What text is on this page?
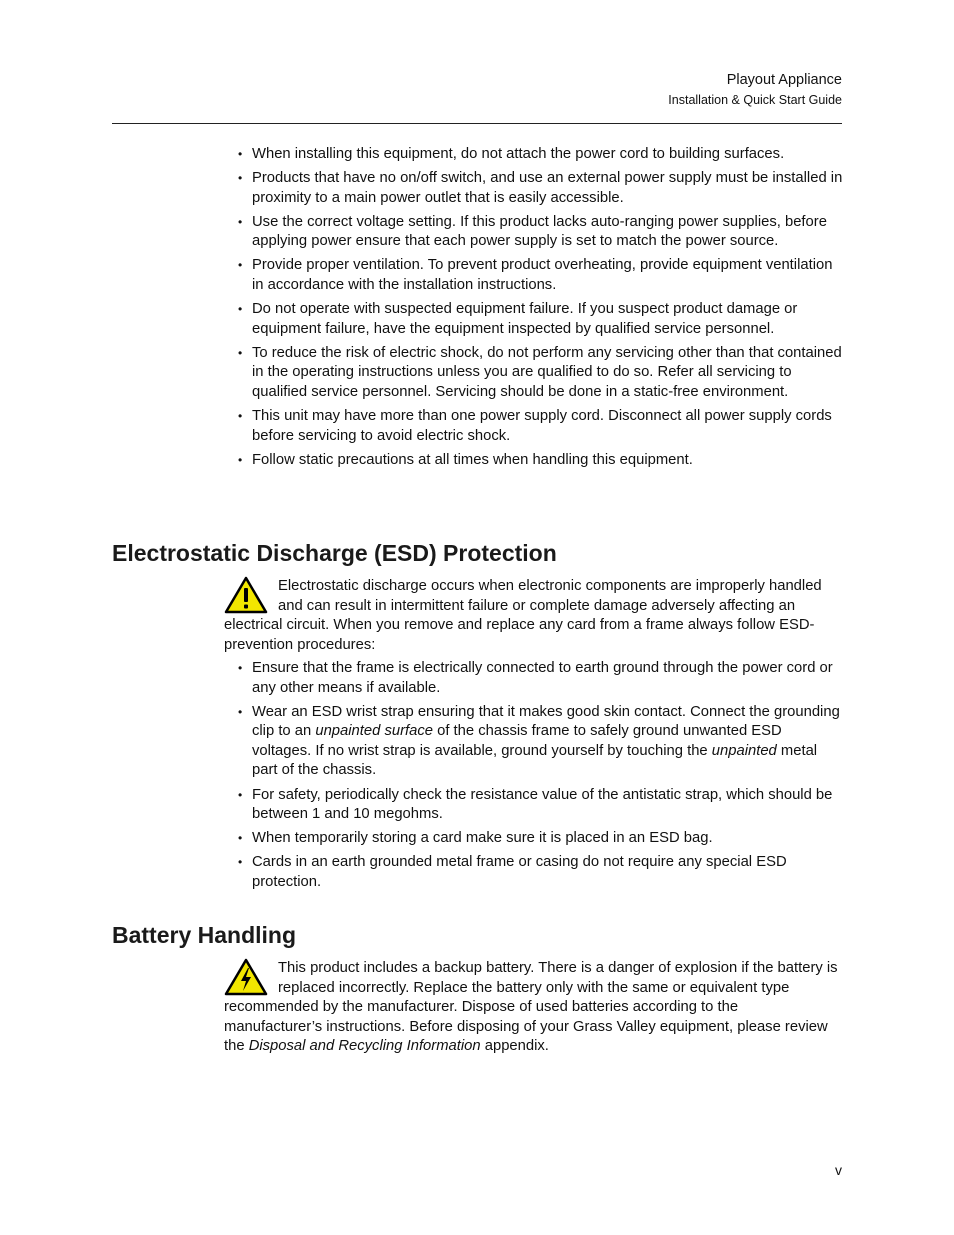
Playout Appliance
Installation & Quick Start Guide
• When installing this equipment, do not attach the power cord to building surfaces.
• Products that have no on/off switch, and use an external power supply must be installed in proximity to a main power outlet that is easily accessible.
• Use the correct voltage setting. If this product lacks auto-ranging power supplies, before applying power ensure that each power supply is set to match the power source.
• Provide proper ventilation. To prevent product overheating, provide equipment ventilation in accordance with the installation instructions.
• Do not operate with suspected equipment failure. If you suspect product damage or equipment failure, have the equipment inspected by qualified service personnel.
• To reduce the risk of electric shock, do not perform any servicing other than that contained in the operating instructions unless you are qualified to do so. Refer all servicing to qualified service personnel. Servicing should be done in a static-free environment.
• This unit may have more than one power supply cord. Disconnect all power supply cords before servicing to avoid electric shock.
• Follow static precautions at all times when handling this equipment.
Electrostatic Discharge (ESD) Protection
Electrostatic discharge occurs when electronic components are improperly handled and can result in intermittent failure or complete damage adversely affecting an electrical circuit. When you remove and replace any card from a frame always follow ESD-prevention procedures:
• Ensure that the frame is electrically connected to earth ground through the power cord or any other means if available.
• Wear an ESD wrist strap ensuring that it makes good skin contact. Connect the grounding clip to an unpainted surface of the chassis frame to safely ground unwanted ESD voltages. If no wrist strap is available, ground yourself by touching the unpainted metal part of the chassis.
• For safety, periodically check the resistance value of the antistatic strap, which should be between 1 and 10 megohms.
• When temporarily storing a card make sure it is placed in an ESD bag.
• Cards in an earth grounded metal frame or casing do not require any special ESD protection.
Battery Handling
This product includes a backup battery. There is a danger of explosion if the battery is replaced incorrectly. Replace the battery only with the same or equivalent type recommended by the manufacturer. Dispose of used batteries according to the manufacturer’s instructions. Before disposing of your Grass Valley equipment, please review the Disposal and Recycling Information appendix.
v
